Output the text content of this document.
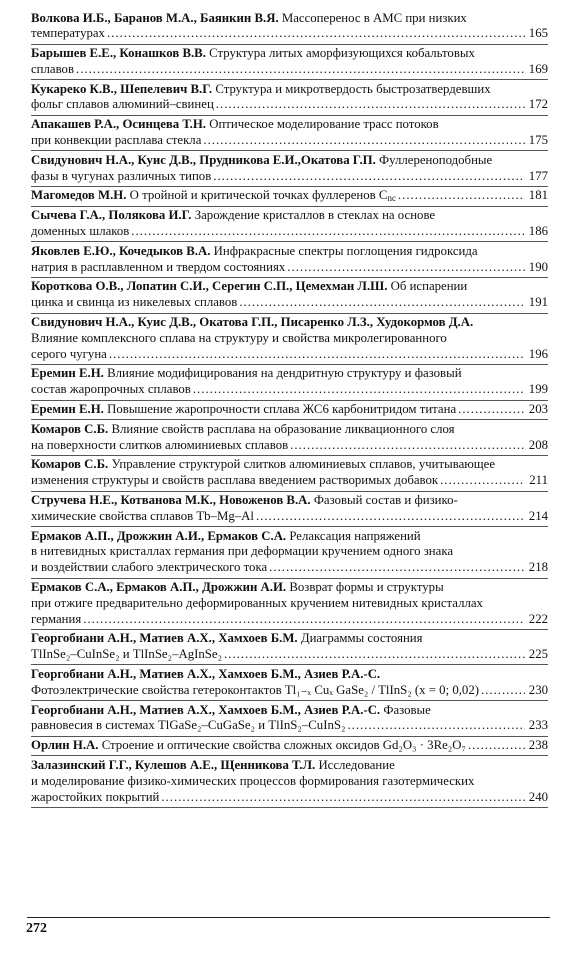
Волкова И.Б., Баранов М.А., Баянкин В.Я. Массоперенос в АМС при низких
температурах .....	165
Барышев Е.Е., Конашков В.В. Структура литых аморфизующихся кобальтовых
сплавов .....	169
Кукареко К.В., Шепелевич В.Г. Структура и микротвердость быстрозатвердевших
фольг сплавов алюминий–свинец .....	172
Апакашев Р.А., Осинцева Т.Н. Оптическое моделирование трасс потоков
при конвекции расплава стекла .....	175
Свидунович Н.А., Куис Д.В., Прудникова Е.И.,Окатова Г.П. Фуллереноподобные
фазы в чугунах различных типов .....	177
Магомедов М.Н. О тройной и критической точках фуллеренов $C_{nc}$ .....	181
Сычева Г.А., Полякова И.Г. Зарождение кристаллов в стеклах на основе
доменных шлаков .....	186
Яковлев Е.Ю., Кочедыков В.А. Инфракрасные спектры поглощения гидроксида
натрия в расплавленном и твердом состояниях .....	190
Короткова О.В., Лопатин С.И., Серегин С.П., Цемехман Л.Ш. Об испарении
цинка и свинца из никелевых сплавов .....	191
Свидунович Н.А., Куис Д.В., Окатова Г.П., Писаренко Л.З., Худокормов Д.А.
Влияние комплексного сплава на структуру и свойства микролегированного
серого чугуна .....	196
Еремин Е.Н. Влияние модифицирования на дендритную структуру и фазовый
состав жаропрочных сплавов .....	199
Еремин Е.Н. Повышение жаропрочности сплава ЖС6 карбонитридом титана .....	203
Комаров С.Б. Влияние свойств расплава на образование ликвационного слоя
на поверхности слитков алюминиевых сплавов .....	208
Комаров С.Б. Управление структурой слитков алюминиевых сплавов, учитывающее
изменения структуры и свойств расплава введением растворимых добавок .....	211
Стручева Н.Е., Котванова М.К., Новоженов В.А. Фазовый состав и физико-
химические свойства сплавов Tb–Mg–Al .....	214
Ермаков А.П., Дрожжин А.И., Ермаков С.А. Релаксация напряжений
в нитевидных кристаллах германия при деформации кручением одного знака
и воздействии слабого электрического тока .....	218
Ермаков С.А., Ермаков А.П., Дрожжин А.И. Возврат формы и структуры
при отжиге предварительно деформированных кручением нитевидных кристаллах
германия .....	222
Георгобиани А.Н., Матиев А.Х., Хамхоев Б.М. Диаграммы состояния
TlInSe₂–CuInSe₂ и TlInSe₂–AgInSe₂ .....	225
Георгобиани А.Н., Матиев А.Х., Хамхоев Б.М., Азиев Р.А.-С.
Фотоэлектрические свойства гетероконтактов Tl₁₋ₓ Cuₓ GaSe₂ / TlInS₂ (x = 0; 0,02) .....	230
Георгобиани А.Н., Матиев А.Х., Хамхоев Б.М., Азиев Р.А.-С. Фазовые
равновесия в системах TlGaSe₂–CuGaSe₂ и TlInS₂–CuInS₂ .....	233
Орлин Н.А. Строение и оптические свойства сложных оксидов Gd₂O₃ · 3Re₂O₇ .....	238
Залазинский Г.Г., Кулешов А.Е., Щенникова Т.Л. Исследование
и моделирование физико-химических процессов формирования газотермических
жаростойких покрытий .....	240
272
